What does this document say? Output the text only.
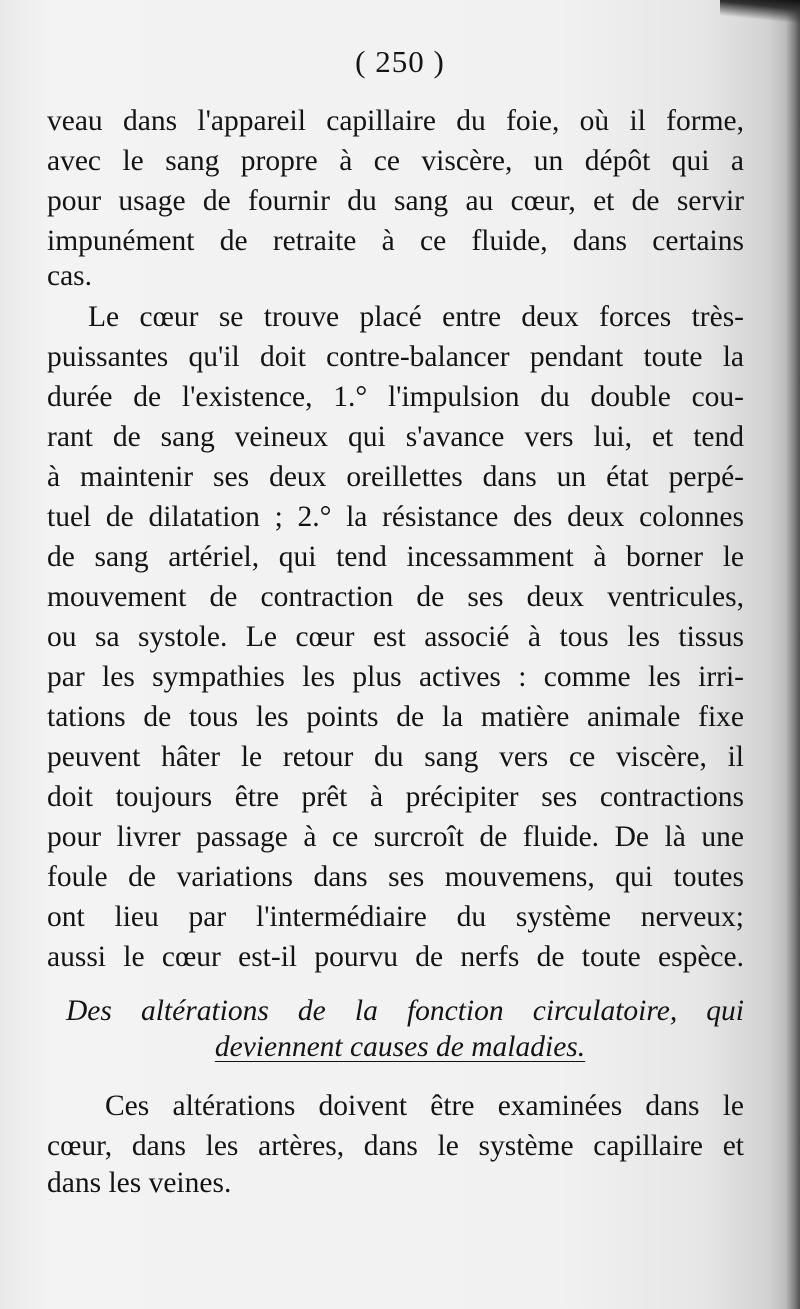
( 250 )
veau dans l'appareil capillaire du foie, où il forme,
avec le sang propre à ce viscère, un dépôt qui a
pour usage de fournir du sang au cœur, et de servir
impunément de retraite à ce fluide, dans certains
cas.
Le cœur se trouve placé entre deux forces très-
puissantes qu'il doit contre-balancer pendant toute la
durée de l'existence, 1.° l'impulsion du double cou-
rant de sang veineux qui s'avance vers lui, et tend
à maintenir ses deux oreillettes dans un état perpé-
tuel de dilatation ; 2.° la résistance des deux colonnes
de sang artériel, qui tend incessamment à borner le
mouvement de contraction de ses deux ventricules,
ou sa systole. Le cœur est associé à tous les tissus
par les sympathies les plus actives : comme les irri-
tations de tous les points de la matière animale fixe
peuvent hâter le retour du sang vers ce viscère, il
doit toujours être prêt à précipiter ses contractions
pour livrer passage à ce surcroît de fluide. De là une
foule de variations dans ses mouvemens, qui toutes
ont lieu par l'intermédiaire du système nerveux;
aussi le cœur est-il pourvu de nerfs de toute espèce.
Des altérations de la fonction circulatoire, qui
deviennent causes de maladies.
Ces altérations doivent être examinées dans le
cœur, dans les artères, dans le système capillaire et
dans les veines.
